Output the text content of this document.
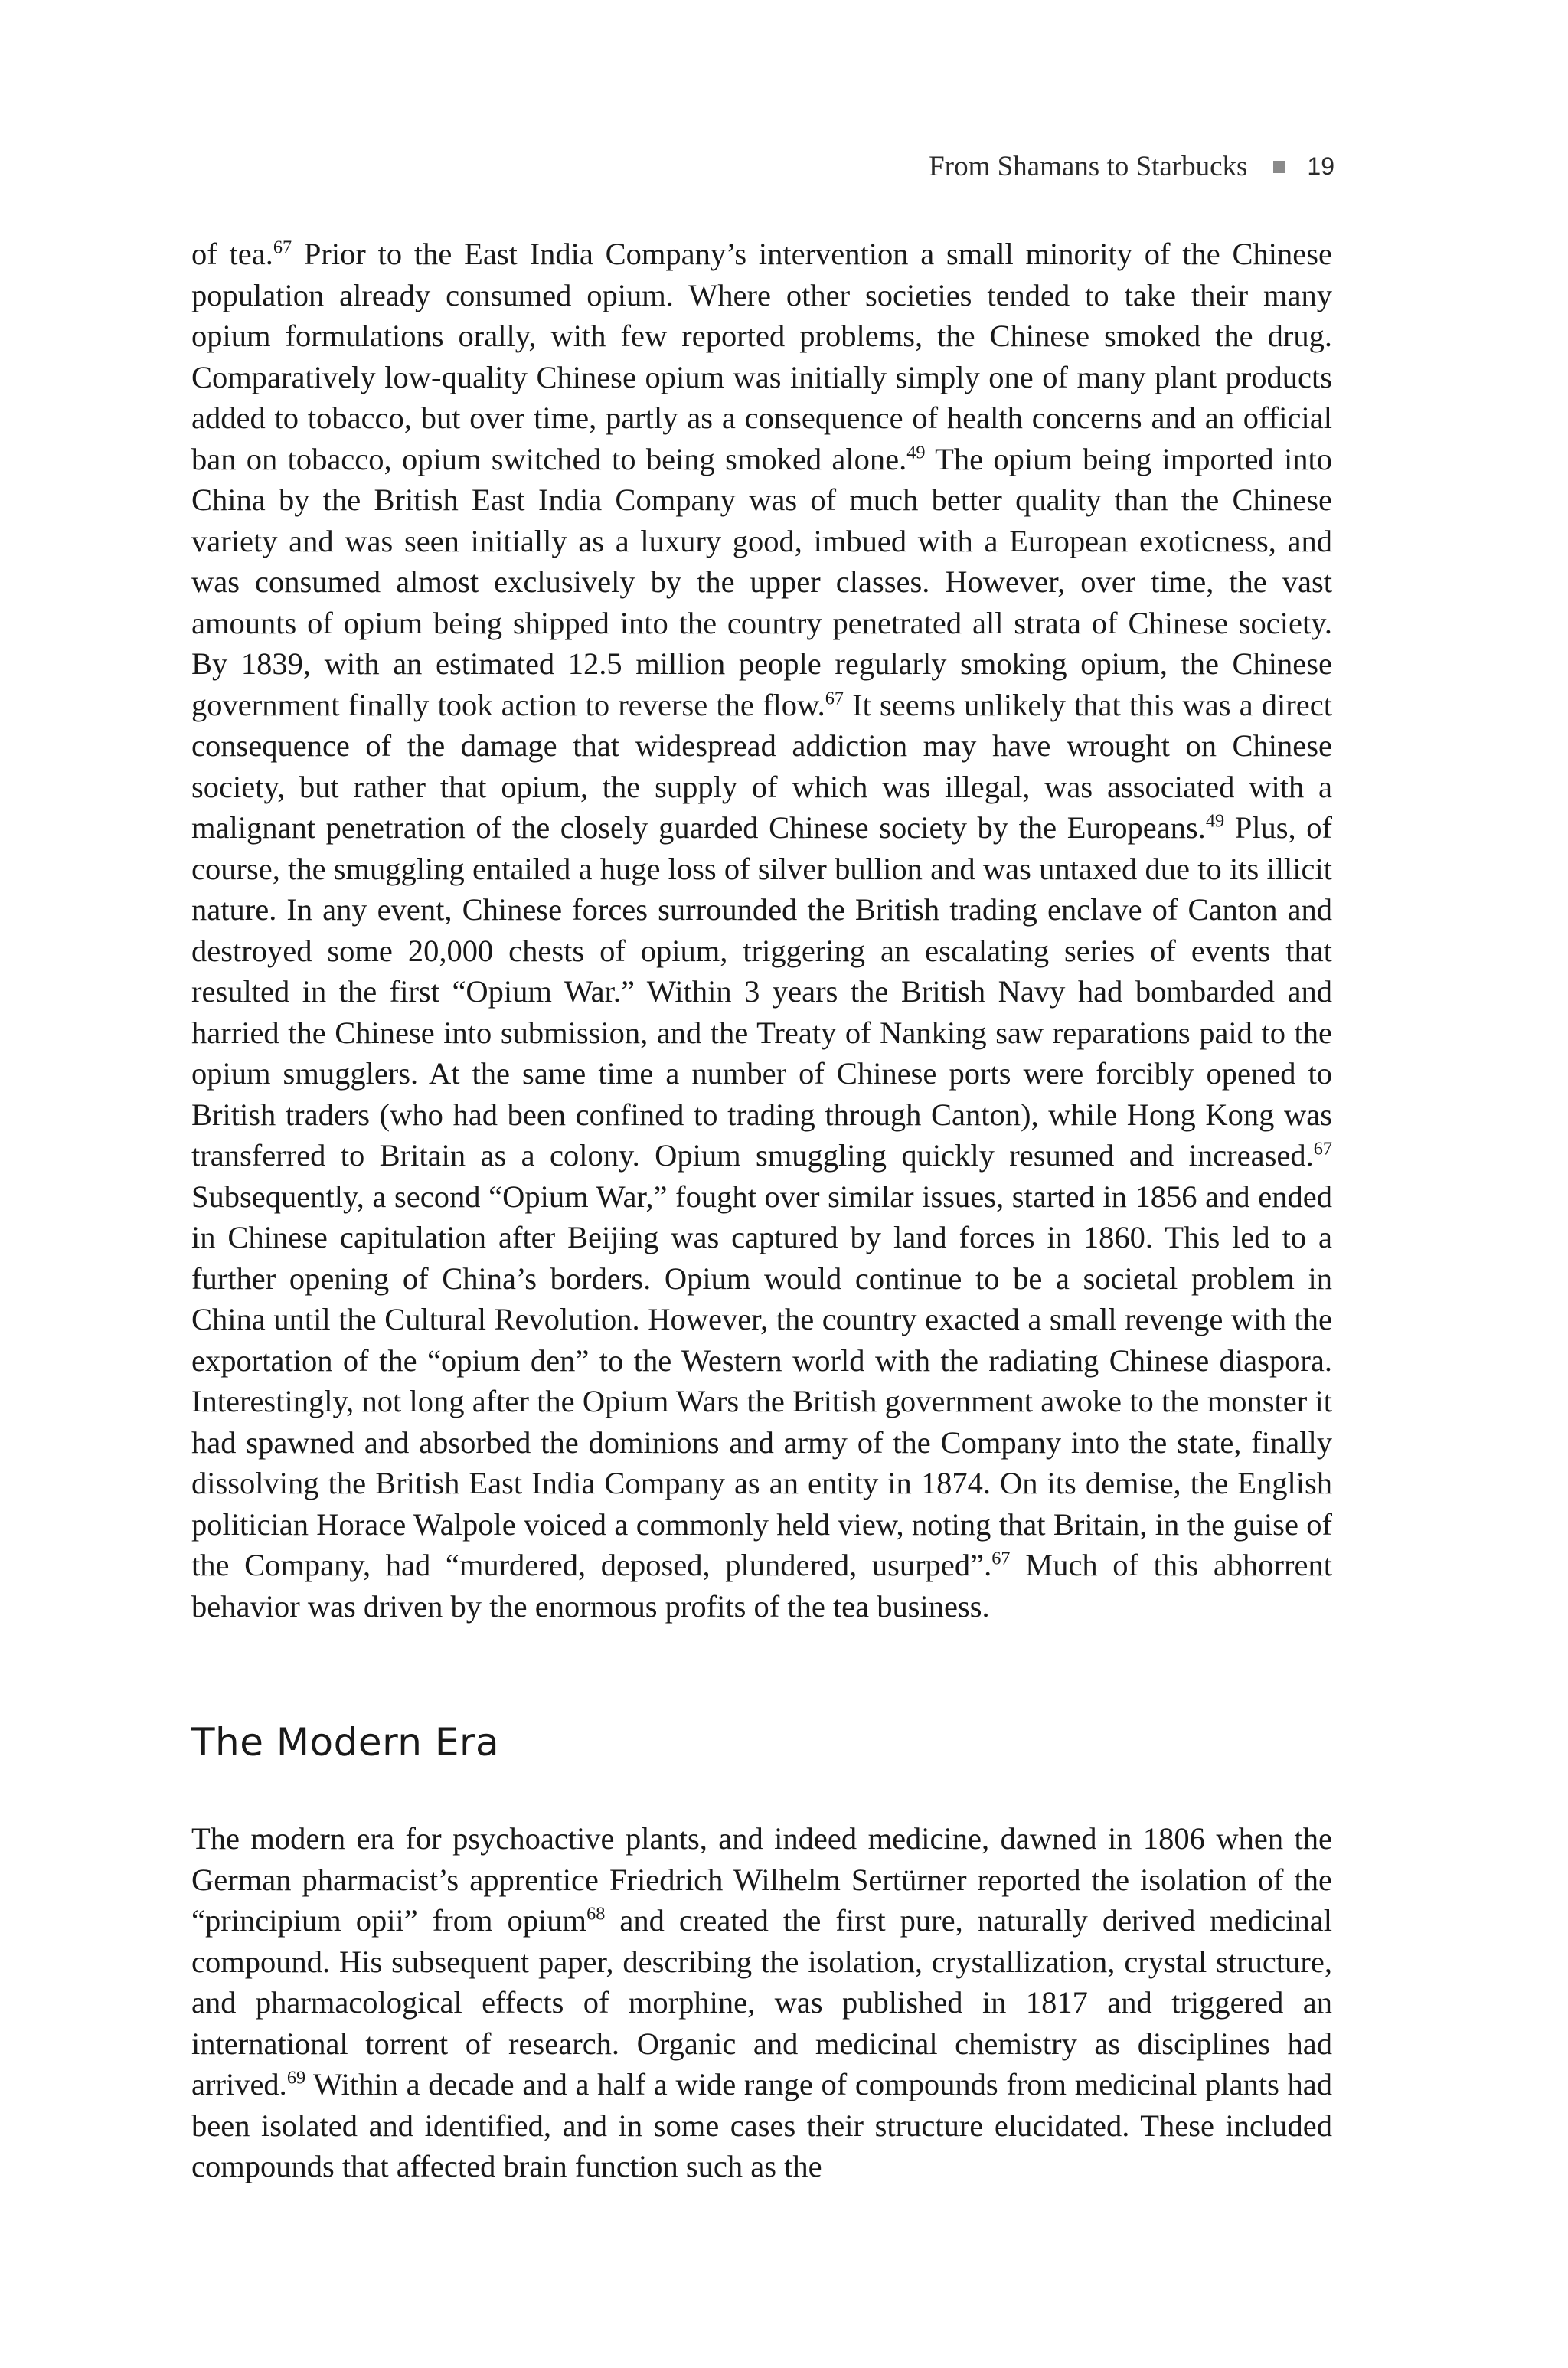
From Shamans to Starbucks 19

of tea.$^{67}$ Prior to the East India Company’s intervention a small minority of the Chinese population already consumed opium. Where other societies tended to take their many opium formulations orally, with few reported problems, the Chinese smoked the drug. Comparatively low-quality Chinese opium was initially simply one of many plant products added to tobacco, but over time, partly as a consequence of health concerns and an official ban on tobacco, opium switched to being smoked alone.$^{49}$ The opium being imported into China by the British East India Company was of much better quality than the Chinese variety and was seen initially as a luxury good, imbued with a European exoticness, and was consumed almost exclusively by the upper classes. However, over time, the vast amounts of opium being shipped into the country penetrated all strata of Chinese society. By 1839, with an estimated 12.5 million people regularly smoking opium, the Chinese government finally took action to reverse the flow.$^{67}$ It seems unlikely that this was a direct consequence of the damage that widespread addiction may have wrought on Chinese society, but rather that opium, the supply of which was illegal, was associated with a malignant penetration of the closely guarded Chinese society by the Europeans.$^{49}$ Plus, of course, the smuggling entailed a huge loss of silver bullion and was untaxed due to its illicit nature. In any event, Chinese forces surrounded the British trading enclave of Canton and destroyed some 20,000 chests of opium, triggering an escalating series of events that resulted in the first “Opium War.” Within 3 years the British Navy had bombarded and harried the Chinese into submission, and the Treaty of Nanking saw reparations paid to the opium smugglers. At the same time a number of Chinese ports were forcibly opened to British traders (who had been confined to trading through Canton), while Hong Kong was transferred to Britain as a colony. Opium smuggling quickly resumed and increased.$^{67}$ Subsequently, a second “Opium War,” fought over similar issues, started in 1856 and ended in Chinese capitulation after Beijing was captured by land forces in 1860. This led to a further opening of China’s borders. Opium would continue to be a societal problem in China until the Cultural Revolution. However, the country exacted a small revenge with the exportation of the “opium den” to the Western world with the radiating Chinese diaspora. Interestingly, not long after the Opium Wars the British government awoke to the monster it had spawned and absorbed the dominions and army of the Company into the state, finally dissolving the British East India Company as an entity in 1874. On its demise, the English politician Horace Walpole voiced a commonly held view, noting that Britain, in the guise of the Company, had “murdered, deposed, plundered, usurped”.$^{67}$ Much of this abhorrent behavior was driven by the enormous profits of the tea business.

The Modern Era

The modern era for psychoactive plants, and indeed medicine, dawned in 1806 when the German pharmacist’s apprentice Friedrich Wilhelm Sertürner reported the isolation of the “principium opii” from opium$^{68}$ and created the first pure, naturally derived medicinal compound. His subsequent paper, describing the isolation, crystallization, crystal structure, and pharmacological effects of morphine, was published in 1817 and triggered an international torrent of research. Organic and medicinal chemistry as disciplines had arrived.$^{69}$ Within a decade and a half a wide range of compounds from medicinal plants had been isolated and identified, and in some cases their structure elucidated. These included compounds that affected brain function such as the
